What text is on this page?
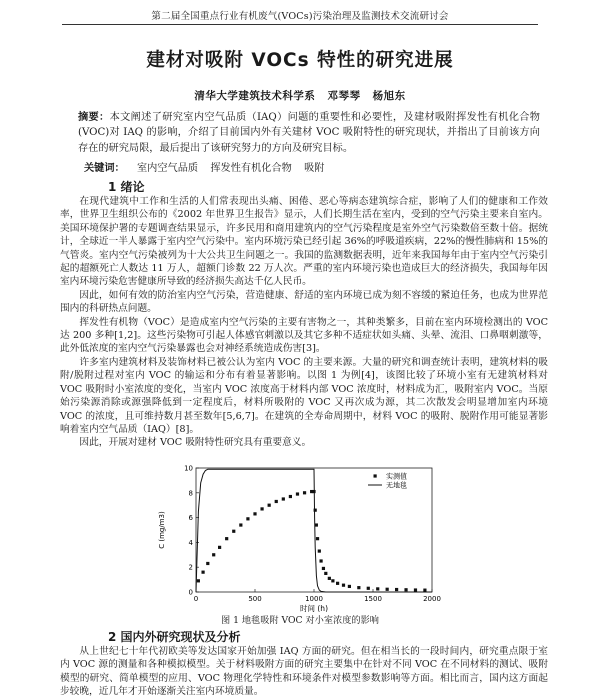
第二届全国重点行业有机废气(VOCs)污染治理及监测技术交流研讨会
建材对吸附 VOCs 特性的研究进展
清华大学建筑技术科学系 邓琴琴 杨旭东
摘要：本文阐述了研究室内空气品质（IAQ）问题的重要性和必要性，及建材吸附挥发性有机化合物(VOC)对 IAQ 的影响，介绍了目前国内外有关建材 VOC 吸附特性的研究现状，并指出了目前该方向存在的研究局限，最后提出了该研究努力的方向及研究目标。
关键词： 室内空气品质 挥发性有机化合物 吸附
1 绪论

在现代建筑中工作和生活的人们常表现出头痛、困倦、恶心等病态建筑综合症，影响了人们的健康和工作效率，世界卫生组织公布的《2002 年世界卫生报告》显示，人们长期生活在室内，受到的空气污染主要来自室内。美国环境保护署的专题调查结果显示，许多民用和商用建筑内的空气污染程度是室外空气污染数倍至数十倍。据统计，全球近一半人暴露于室内空气污染中。室内环境污染已经引起 36%的呼吸道疾病，22%的慢性肺病和 15%的气管炎。室内空气污染被列为十大公共卫生问题之一。我国的监测数据表明，近年来我国每年由于室内空气污染引起的超额死亡人数达 11 万人，超额门诊数 22 万人次。严重的室内环境污染也造成巨大的经济损失，我国每年因室内环境污染危害健康所导致的经济损失高达千亿人民币。

因此，如何有效的防治室内空气污染，营造健康、舒适的室内环境已成为刻不容缓的紧迫任务，也成为世界范围内的科研热点问题。

挥发性有机物（VOC）是造成室内空气污染的主要有害物之一，其种类繁多，目前在室内环境检测出的 VOC 达 200 多种[1,2]。这些污染物可引起人体感官刺激以及其它多种不适症状如头痛、头晕、流泪、口鼻咽刺激等，此外低浓度的室内空气污染暴露也会对神经系统造成伤害[3]。

许多室内建筑材料及装饰材料已被公认为室内 VOC 的主要来源。大量的研究和调查统计表明，建筑材料的吸附/脱附过程对室内 VOC 的输运和分布有着显著影响。以图 1 为例[4]，该图比较了环境小室有无建筑材料对 VOC 吸附时小室浓度的变化，当室内 VOC 浓度高于材料内部 VOC 浓度时，材料成为汇，吸附室内 VOC。当原始污染源消除或源强降低到一定程度后，材料所吸附的 VOC 又再次成为源，其二次散发会明显增加室内环境 VOC 的浓度，且可维持数月甚至数年[5,6,7]。在建筑的全寿命周期中，材料 VOC 的吸附、脱附作用可能显著影响着室内空气品质（IAQ）[8]。

因此，开展对建材 VOC 吸附特性研究具有重要意义。

0	500	1000	1500	2000
0
2
4
6
8
10
时间 (h)
C (mg/m3)
实测值
无地毯
图 1 地毯吸附 VOC 对小室浓度的影响
2 国内外研究现状及分析

从上世纪七十年代初欧美等发达国家开始加强 IAQ 方面的研究。但在相当长的一段时间内，研究重点限于室内 VOC 源的测量和各种模拟模型。关于材料吸附方面的研究主要集中在针对不同 VOC 在不同材料的测试、吸附模型的研究、简单模型的应用、VOC 物理化学特性和环境条件对模型参数影响等方面。相比而言，国内这方面起步较晚，近几年才开始逐渐关注室内环境质量。
